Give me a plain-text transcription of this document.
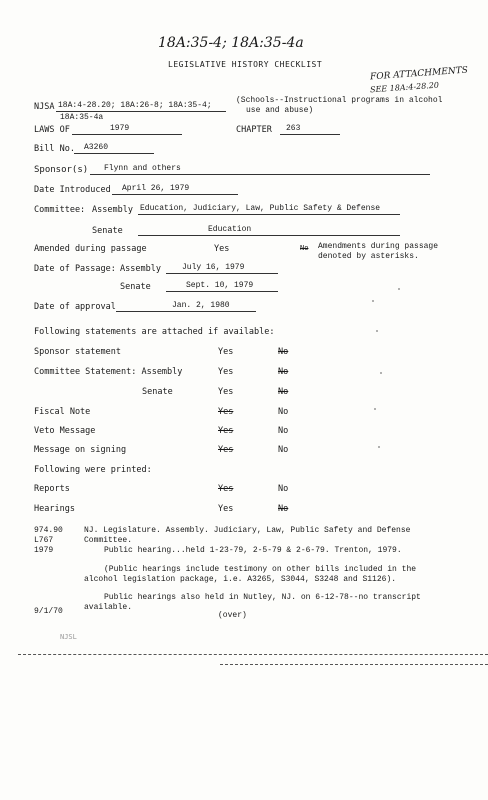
18A:35-4; 18A:35-4a
LEGISLATIVE HISTORY CHECKLIST
FOR ATTACHMENTS
SEE 18A:4-28.20
NJSA 18A:4-28.20; 18A:26-8; 18A:35-4;
18A:35-4a
(Schools--Instructional programs in alcohol
use and abuse)
LAWS OF	1979	CHAPTER 263
Bill No. A3260
Sponsor(s) Flynn and others
Date Introduced April 26, 1979
Committee: Assembly Education, Judiciary, Law, Public Safety & Defense
Senate	Education
Amended during passage	Yes	No Amendments during passage
denoted by asterisks.
Date of Passage: Assembly	July 16, 1979
Senate	Sept. 10, 1979
Date of approval	Jan. 2, 1980
Following statements are attached if available:
Sponsor statement	Yes	No
Committee Statement: Assembly	Yes	No
Senate	Yes	No
Fiscal Note	Yes	No
Veto Message	Yes	No
Message on signing	Yes	No
Following were printed:
Reports	Yes	No
Hearings	Yes	No
974.90
L767
1979
NJ. Legislature. Assembly. Judiciary, Law, Public Safety and Defense
Committee.
Public hearing...held 1-23-79, 2-5-79 & 2-6-79. Trenton, 1979.
(Public hearings include testimony on other bills included in the
alcohol legislation package, i.e. A3265, S3044, S3248 and S1126).
Public hearings also held in Nutley, NJ. on 6-12-78--no transcript
available.
9/1/70	(over)
NJSL
